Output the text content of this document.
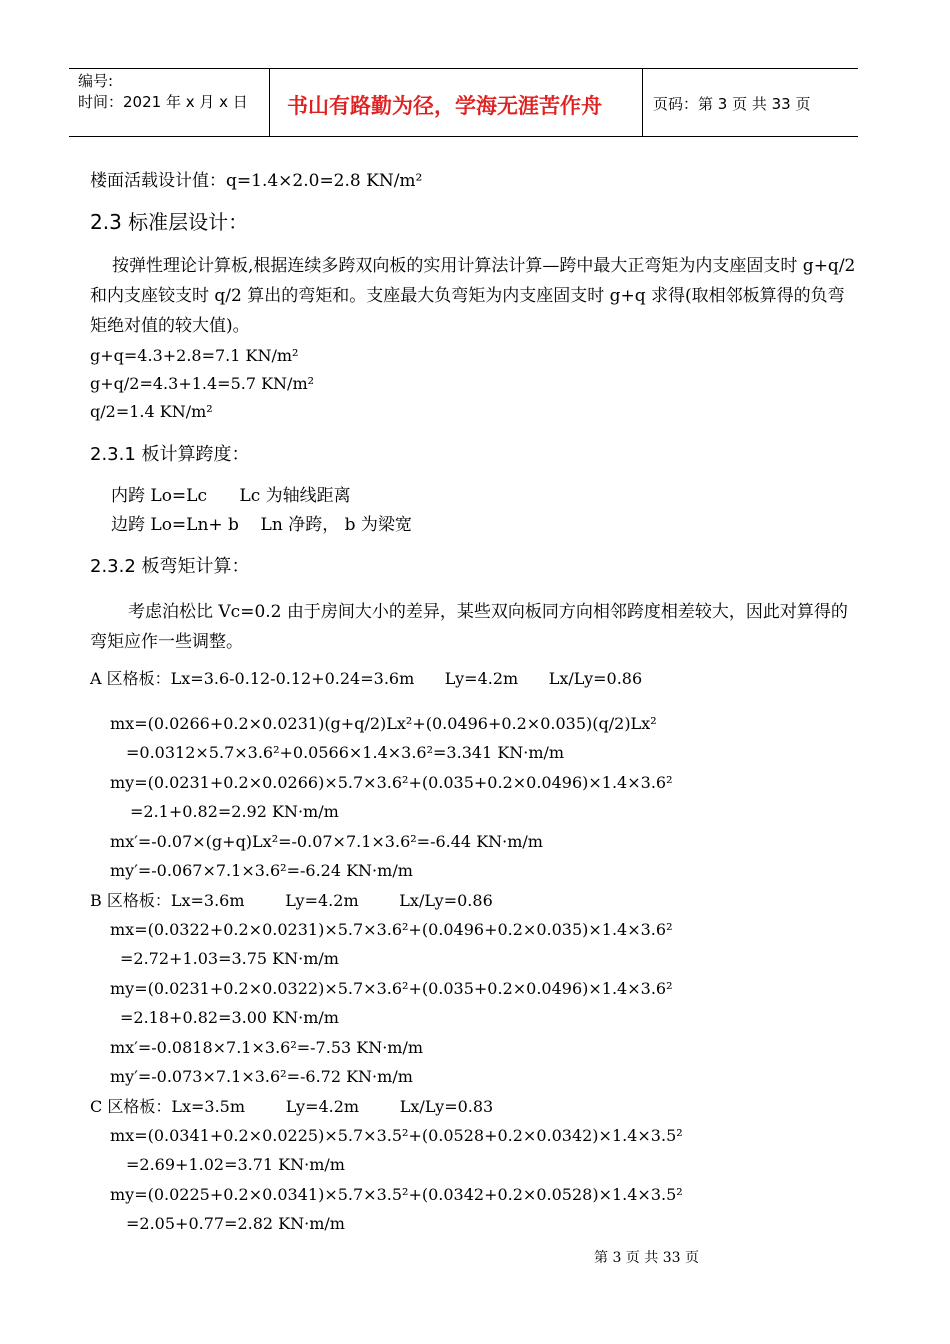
编号:
时间：2021 年 x 月 x 日 书山有路勤为径，学海无涯苦作舟	页码：第 3 页 共 33 页
楼面活载设计值：q=1.4×2.0=2.8 KN/m²
2.3 标准层设计：
按弹性理论计算板,根据连续多跨双向板的实用计算法计算—跨中最大正弯矩为内支座固支时 g+q/2 和内支座铰支时 q/2 算出的弯矩和。支座最大负弯矩为内支座固支时 g+q 求得(取相邻板算得的负弯矩绝对值的较大值)。
g+q=4.3+2.8=7.1 KN/m²
g+q/2=4.3+1.4=5.7 KN/m²
q/2=1.4 KN/m²
2.3.1 板计算跨度：
内跨 Lo=Lc      Lc 为轴线距离
边跨 Lo=Ln+ b    Ln 净跨， b 为梁宽
2.3.2 板弯矩计算：
考虑泊松比 Vc=0.2 由于房间大小的差异，某些双向板同方向相邻跨度相差较大，因此对算得的弯矩应作一些调整。
A 区格板：Lx=3.6-0.12-0.12+0.24=3.6m      Ly=4.2m      Lx/Ly=0.86
mx=(0.0266+0.2×0.0231)(g+q/2)Lx²+(0.0496+0.2×0.035)(q/2)Lx²
=0.0312×5.7×3.6²+0.0566×1.4×3.6²=3.341 KN·m/m
my=(0.0231+0.2×0.0266)×5.7×3.6²+(0.035+0.2×0.0496)×1.4×3.6²
=2.1+0.82=2.92 KN·m/m
mx′=-0.07×(g+q)Lx²=-0.07×7.1×3.6²=-6.44 KN·m/m
my′=-0.067×7.1×3.6²=-6.24 KN·m/m
B 区格板：Lx=3.6m        Ly=4.2m        Lx/Ly=0.86
mx=(0.0322+0.2×0.0231)×5.7×3.6²+(0.0496+0.2×0.035)×1.4×3.6²
=2.72+1.03=3.75 KN·m/m
my=(0.0231+0.2×0.0322)×5.7×3.6²+(0.035+0.2×0.0496)×1.4×3.6²
=2.18+0.82=3.00 KN·m/m
mx′=-0.0818×7.1×3.6²=-7.53 KN·m/m
my′=-0.073×7.1×3.6²=-6.72 KN·m/m
C 区格板：Lx=3.5m        Ly=4.2m        Lx/Ly=0.83
mx=(0.0341+0.2×0.0225)×5.7×3.5²+(0.0528+0.2×0.0342)×1.4×3.5²
=2.69+1.02=3.71 KN·m/m
my=(0.0225+0.2×0.0341)×5.7×3.5²+(0.0342+0.2×0.0528)×1.4×3.5²
=2.05+0.77=2.82 KN·m/m
第 3 页 共 33 页
